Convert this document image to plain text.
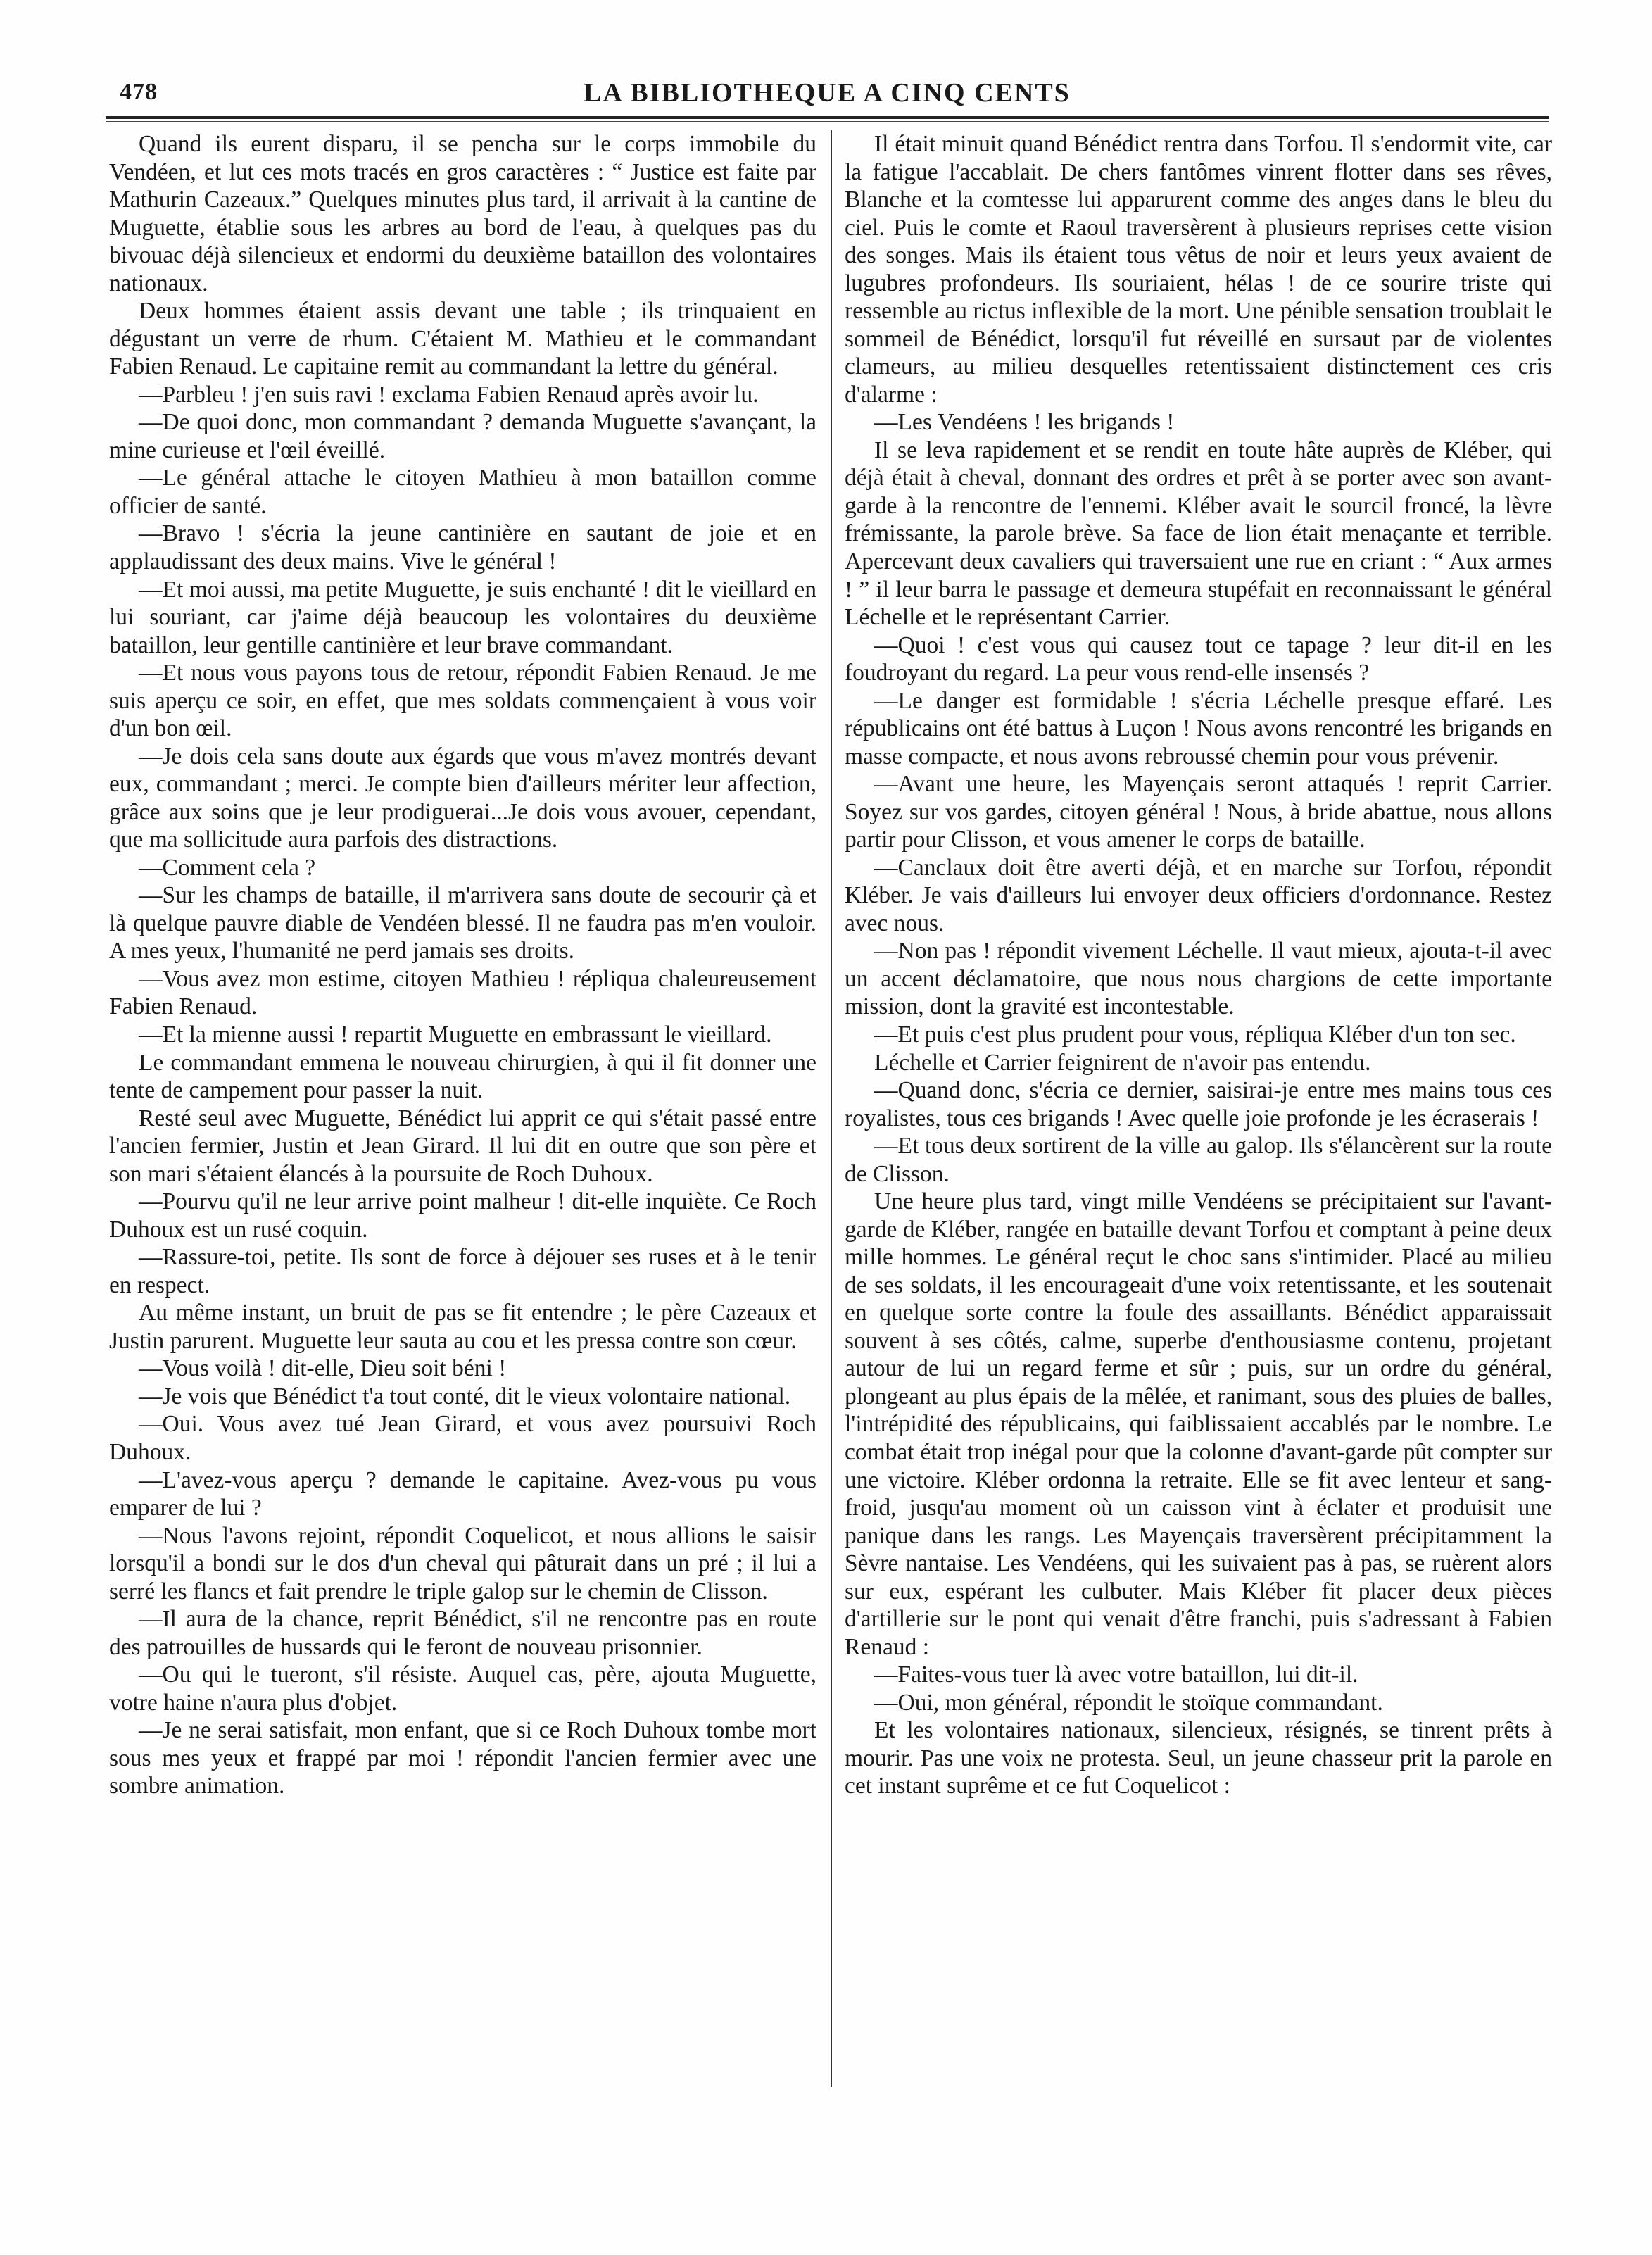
478	LA BIBLIOTHEQUE A CINQ CENTS

Quand ils eurent disparu, il se pencha sur le corps immobile du Vendéen, et lut ces mots tracés en gros caractères : “ Justice est faite par Mathurin Cazeaux.” Quelques minutes plus tard, il arrivait à la cantine de Muguette, établie sous les arbres au bord de l'eau, à quelques pas du bivouac déjà silencieux et endormi du deuxième bataillon des volontaires nationaux.

Deux hommes étaient assis devant une table ; ils trinquaient en dégustant un verre de rhum. C'étaient M. Mathieu et le commandant Fabien Renaud. Le capitaine remit au commandant la lettre du général.

—Parbleu ! j'en suis ravi ! exclama Fabien Renaud après avoir lu.

—De quoi donc, mon commandant ? demanda Muguette s'avançant, la mine curieuse et l'œil éveillé.

—Le général attache le citoyen Mathieu à mon bataillon comme officier de santé.

—Bravo ! s'écria la jeune cantinière en sautant de joie et en applaudissant des deux mains. Vive le général !

—Et moi aussi, ma petite Muguette, je suis enchanté ! dit le vieillard en lui souriant, car j'aime déjà beaucoup les volontaires du deuxième bataillon, leur gentille cantinière et leur brave commandant.

—Et nous vous payons tous de retour, répondit Fabien Renaud. Je me suis aperçu ce soir, en effet, que mes soldats commençaient à vous voir d'un bon œil.

—Je dois cela sans doute aux égards que vous m'avez montrés devant eux, commandant ; merci. Je compte bien d'ailleurs mériter leur affection, grâce aux soins que je leur prodiguerai...Je dois vous avouer, cependant, que ma sollicitude aura parfois des distractions.

—Comment cela ?

—Sur les champs de bataille, il m'arrivera sans doute de secourir çà et là quelque pauvre diable de Vendéen blessé. Il ne faudra pas m'en vouloir. A mes yeux, l'humanité ne perd jamais ses droits.

—Vous avez mon estime, citoyen Mathieu ! répliqua chaleureusement Fabien Renaud.

—Et la mienne aussi ! repartit Muguette en embrassant le vieillard.

Le commandant emmena le nouveau chirurgien, à qui il fit donner une tente de campement pour passer la nuit.

Resté seul avec Muguette, Bénédict lui apprit ce qui s'était passé entre l'ancien fermier, Justin et Jean Girard. Il lui dit en outre que son père et son mari s'étaient élancés à la poursuite de Roch Duhoux.

—Pourvu qu'il ne leur arrive point malheur ! dit-elle inquiète. Ce Roch Duhoux est un rusé coquin.

—Rassure-toi, petite. Ils sont de force à déjouer ses ruses et à le tenir en respect.

Au même instant, un bruit de pas se fit entendre ; le père Cazeaux et Justin parurent. Muguette leur sauta au cou et les pressa contre son cœur.

—Vous voilà ! dit-elle, Dieu soit béni !

—Je vois que Bénédict t'a tout conté, dit le vieux volontaire national.

—Oui. Vous avez tué Jean Girard, et vous avez poursuivi Roch Duhoux.

—L'avez-vous aperçu ? demande le capitaine. Avez-vous pu vous emparer de lui ?

—Nous l'avons rejoint, répondit Coquelicot, et nous allions le saisir lorsqu'il a bondi sur le dos d'un cheval qui pâturait dans un pré ; il lui a serré les flancs et fait prendre le triple galop sur le chemin de Clisson.

—Il aura de la chance, reprit Bénédict, s'il ne rencontre pas en route des patrouilles de hussards qui le feront de nouveau prisonnier.

—Ou qui le tueront, s'il résiste. Auquel cas, père, ajouta Muguette, votre haine n'aura plus d'objet.

—Je ne serai satisfait, mon enfant, que si ce Roch Duhoux tombe mort sous mes yeux et frappé par moi ! répondit l'ancien fermier avec une sombre animation.

Il était minuit quand Bénédict rentra dans Torfou. Il s'endormit vite, car la fatigue l'accablait. De chers fantômes vinrent flotter dans ses rêves, Blanche et la comtesse lui apparurent comme des anges dans le bleu du ciel. Puis le comte et Raoul traversèrent à plusieurs reprises cette vision des songes. Mais ils étaient tous vêtus de noir et leurs yeux avaient de lugubres profondeurs. Ils souriaient, hélas ! de ce sourire triste qui ressemble au rictus inflexible de la mort. Une pénible sensation troublait le sommeil de Bénédict, lorsqu'il fut réveillé en sursaut par de violentes clameurs, au milieu desquelles retentissaient distinctement ces cris d'alarme :

—Les Vendéens ! les brigands !

Il se leva rapidement et se rendit en toute hâte auprès de Kléber, qui déjà était à cheval, donnant des ordres et prêt à se porter avec son avant-garde à la rencontre de l'ennemi. Kléber avait le sourcil froncé, la lèvre frémissante, la parole brève. Sa face de lion était menaçante et terrible. Apercevant deux cavaliers qui traversaient une rue en criant : “ Aux armes ! ” il leur barra le passage et demeura stupéfait en reconnaissant le général Léchelle et le représentant Carrier.

—Quoi ! c'est vous qui causez tout ce tapage ? leur dit-il en les foudroyant du regard. La peur vous rend-elle insensés ?

—Le danger est formidable ! s'écria Léchelle presque effaré. Les républicains ont été battus à Luçon ! Nous avons rencontré les brigands en masse compacte, et nous avons rebroussé chemin pour vous prévenir.

—Avant une heure, les Mayençais seront attaqués ! reprit Carrier. Soyez sur vos gardes, citoyen général ! Nous, à bride abattue, nous allons partir pour Clisson, et vous amener le corps de bataille.

—Canclaux doit être averti déjà, et en marche sur Torfou, répondit Kléber. Je vais d'ailleurs lui envoyer deux officiers d'ordonnance. Restez avec nous.

—Non pas ! répondit vivement Léchelle. Il vaut mieux, ajouta-t-il avec un accent déclamatoire, que nous nous chargions de cette importante mission, dont la gravité est incontestable.

—Et puis c'est plus prudent pour vous, répliqua Kléber d'un ton sec.

Léchelle et Carrier feignirent de n'avoir pas entendu.

—Quand donc, s'écria ce dernier, saisirai-je entre mes mains tous ces royalistes, tous ces brigands ! Avec quelle joie profonde je les écraserais !

—Et tous deux sortirent de la ville au galop. Ils s'élancèrent sur la route de Clisson.

Une heure plus tard, vingt mille Vendéens se précipitaient sur l'avant-garde de Kléber, rangée en bataille devant Torfou et comptant à peine deux mille hommes. Le général reçut le choc sans s'intimider. Placé au milieu de ses soldats, il les encourageait d'une voix retentissante, et les soutenait en quelque sorte contre la foule des assaillants. Bénédict apparaissait souvent à ses côtés, calme, superbe d'enthousiasme contenu, projetant autour de lui un regard ferme et sûr ; puis, sur un ordre du général, plongeant au plus épais de la mêlée, et ranimant, sous des pluies de balles, l'intrépidité des républicains, qui faiblissaient accablés par le nombre. Le combat était trop inégal pour que la colonne d'avant-garde pût compter sur une victoire. Kléber ordonna la retraite. Elle se fit avec lenteur et sang-froid, jusqu'au moment où un caisson vint à éclater et produisit une panique dans les rangs. Les Mayençais traversèrent précipitamment la Sèvre nantaise. Les Vendéens, qui les suivaient pas à pas, se ruèrent alors sur eux, espérant les culbuter. Mais Kléber fit placer deux pièces d'artillerie sur le pont qui venait d'être franchi, puis s'adressant à Fabien Renaud :

—Faites-vous tuer là avec votre bataillon, lui dit-il.

—Oui, mon général, répondit le stoïque commandant.

Et les volontaires nationaux, silencieux, résignés, se tinrent prêts à mourir. Pas une voix ne protesta. Seul, un jeune chasseur prit la parole en cet instant suprême et ce fut Coquelicot :
